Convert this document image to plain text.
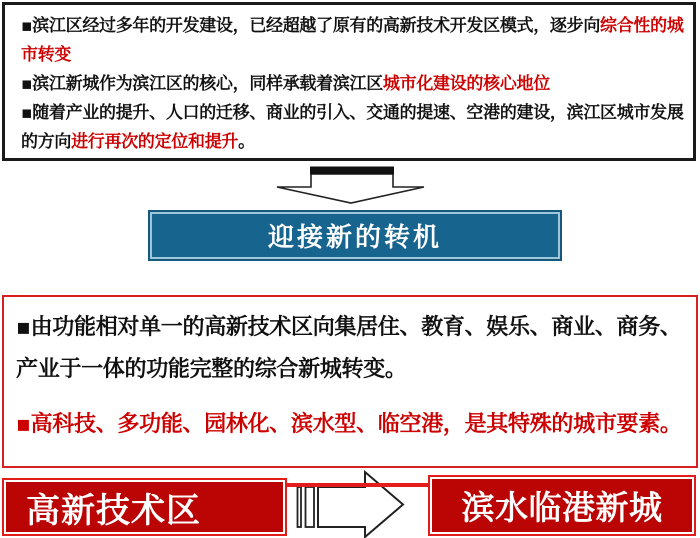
▪滨江区经过多年的开发建设，已经超越了原有的高新技术开发区模式，逐步向综合性的城市转变

▪滨江新城作为滨江区的核心，同样承载着滨江区城市化建设的核心地位

▪随着产业的提升、人口的迁移、商业的引入、交通的提速、空港的建设，滨江区城市发展的方向进行再次的定位和提升。

迎接新的转机

▪由功能相对单一的高新技术区向集居住、教育、娱乐、商业、商务、产业于一体的功能完整的综合新城转变。

▪高科技、多功能、园林化、滨水型、临空港，是其特殊的城市要素。

高新技术区	滨水临港新城
